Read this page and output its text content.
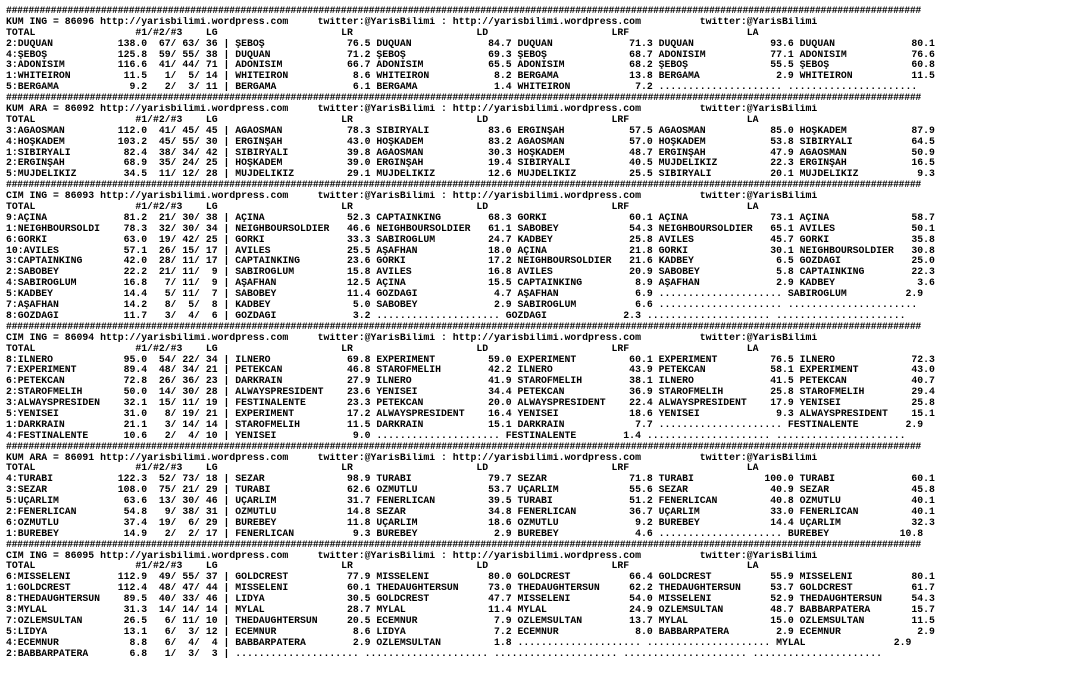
####################################################################################################################################################################
KUM ING = 86096 http://yarisbilimi.wordpress.com     twitter:@YarisBilimi : http://yarisbilimi.wordpress.com          twitter:@YarisBilimi
TOTAL                 #1/#2/#3    LG                     LR                     LD                     LRF                    LA
2:DUQUAN           138.0  67/ 63/ 36 | ŞEBOŞ              76.5 DUQUAN             84.7 DUQUAN             71.3 DUQUAN             93.6 DUQUAN             80.1
4:ŞEBOŞ            125.8  59/ 55/ 38 | DUQUAN             71.2 ŞEBOŞ              69.3 ŞEBOŞ              68.7 ADONİSİM           77.1 ADONİSİM           76.6
3:ADONİSİM         116.6  41/ 44/ 71 | ADONİSİM           66.7 ADONİSİM           65.5 ADONİSİM           68.2 ŞEBOŞ              55.5 ŞEBOŞ              60.8
1:WHITEIRON         11.5   1/  5/ 14 | WHITEIRON           8.6 WHITEIRON           8.2 BERGAMA            13.8 BERGAMA             2.9 WHITEIRON          11.5
5:BERGAMA            9.2   2/  3/ 11 | BERGAMA             6.1 BERGAMA             1.4 WHITEIRON           7.2 ..................... ......................
####################################################################################################################################################################
KUM ARA = 86092 http://yarisbilimi.wordpress.com     twitter:@YarisBilimi : http://yarisbilimi.wordpress.com          twitter:@YarisBilimi
TOTAL                 #1/#2/#3    LG                     LR                     LD                     LRF                    LA
3:AĞAOSMAN         112.0  41/ 45/ 45 | AĞAOSMAN           78.3 SİBİRYALI          83.6 ERGİNŞAH           57.5 AĞAOSMAN           85.0 HOŞKADEM           87.9
4:HOŞKADEM         103.2  45/ 55/ 30 | ERGİNŞAH           43.0 HOŞKADEM           83.2 AĞAOSMAN           57.0 HOŞKADEM           53.8 SİBİRYALI          64.5
1:SİBİRYALI         82.4  38/ 34/ 42 | SİBİRYALI          39.8 AĞAOSMAN           30.3 HOŞKADEM           48.7 ERGİNŞAH           47.9 AĞAOSMAN           50.9
2:ERGİNŞAH          68.9  35/ 24/ 25 | HOŞKADEM           39.0 ERGİNŞAH           19.4 SİBİRYALI          40.5 MÜJDELİKIZ         22.3 ERGİNŞAH           16.5
5:MÜJDELİKIZ        34.5  11/ 12/ 28 | MÜJDELİKIZ         29.1 MÜJDELİKIZ         12.6 MÜJDELİKIZ         25.5 SİBİRYALI          20.1 MÜJDELİKIZ          9.3
####################################################################################################################################################################
CIM ING = 86093 http://yarisbilimi.wordpress.com     twitter:@YarisBilimi : http://yarisbilimi.wordpress.com          twitter:@YarisBilimi
TOTAL                 #1/#2/#3    LG                     LR                     LD                     LRF                    LA
9:AÇINA             81.2  21/ 30/ 38 | AÇINA              52.3 CAPTAINKING        68.3 GÖRKİ              60.1 AÇINA              73.1 AÇINA              58.7
1:NEIGHBOURSOLDI    78.3  32/ 30/ 34 | NEIGHBOURSOLDIER   46.6 NEIGHBOURSOLDIER   61.1 SABOBEY            54.3 NEIGHBOURSOLDIER   65.1 AVILES             50.1
6:GÖRKİ             63.0  19/ 42/ 25 | GÖRKİ              33.3 SABIROĞLUM         24.7 KADBEY             25.8 AVILES             45.7 GÖRKİ              35.8
10:AVILES           57.1  26/ 15/ 17 | AVILES             25.5 AŞAFHAN            18.0 AÇINA              21.8 GÖRKİ              30.1 NEIGHBOURSOLDIER   30.8
3:CAPTAINKING       42.0  28/ 11/ 17 | CAPTAINKING        23.6 GÖRKİ              17.2 NEIGHBOURSOLDIER   21.6 KADBEY              6.5 GÖZDAĞI            25.0
2:SABOBEY           22.2  21/ 11/  9 | SABIROĞLUM         15.8 AVILES             16.8 AVILES             20.9 SABOBEY             5.8 CAPTAINKING        22.3
4:SABIROĞLUM        16.8   7/ 11/  9 | AŞAFHAN            12.5 AÇINA              15.5 CAPTAINKING         8.9 AŞAFHAN             2.9 KADBEY              3.6
5:KADBEY            14.4   5/ 11/  7 | SABOBEY            11.4 GÖZDAĞI             4.7 AŞAFHAN             6.9 ..................... SABIROĞLUM          2.9
7:AŞAFHAN           14.2   8/  5/  8 | KADBEY              5.0 SABOBEY             2.9 SABIROĞLUM          6.6 ..................... ......................
8:GÖZDAĞI           11.7   3/  4/  6 | GÖZDAĞI             3.2 ..................... GÖZDAĞI             2.3 ..................... ......................
####################################################################################################################################################################
CIM ING = 86094 http://yarisbilimi.wordpress.com     twitter:@YarisBilimi : http://yarisbilimi.wordpress.com          twitter:@YarisBilimi
TOTAL                 #1/#2/#3    LG                     LR                     LD                     LRF                    LA
8:ILNERO            95.0  54/ 22/ 34 | ILNERO             69.8 EXPERIMENT         59.0 EXPERIMENT         60.1 EXPERIMENT         76.5 ILNERO             72.3
7:EXPERIMENT        89.4  48/ 34/ 21 | PETEKCAN           46.8 STAROFMELİH        42.2 ILNERO             43.9 PETEKCAN           58.1 EXPERIMENT         43.0
6:PETEKCAN          72.8  26/ 36/ 23 | DARKRAIN           27.9 ILNERO             41.9 STAROFMELİH        38.1 ILNERO             41.5 PETEKCAN           40.7
2:STAROFMELİH       50.0  14/ 30/ 28 | ALWAYSPRESIDENT    23.6 YENİSEİ            34.4 PETEKCAN           36.9 STAROFMELİH        25.8 STAROFMELİH        29.4
3:ALWAYSPRESIDEN    32.1  15/ 11/ 19 | FESTINALENTE       23.3 PETEKCAN           20.0 ALWAYSPRESIDENT    22.4 ALWAYSPRESIDENT    17.9 YENİSEİ            25.8
5:YENİSEİ           31.0   8/ 19/ 21 | EXPERIMENT         17.2 ALWAYSPRESIDENT    16.4 YENİSEİ            18.6 YENİSEİ             9.3 ALWAYSPRESIDENT    15.1
1:DARKRAIN          21.1   3/ 14/ 14 | STAROFMELİH        11.5 DARKRAIN           15.1 DARKRAIN            7.7 ..................... FESTINALENTE        2.9
4:FESTINALENTE      10.6   2/  4/ 10 | YENİSEİ             9.0 ..................... FESTINALENTE        1.4 ..................... ......................
####################################################################################################################################################################
KUM ARA = 86091 http://yarisbilimi.wordpress.com     twitter:@YarisBilimi : http://yarisbilimi.wordpress.com          twitter:@YarisBilimi
TOTAL                 #1/#2/#3    LG                     LR                     LD                     LRF                    LA
4:TURABİ           122.3  52/ 73/ 18 | SEZAR              98.9 TURABİ             79.7 SEZAR              71.8 TURABİ            100.0 TURABİ             60.1
3:SEZAR            108.0  75/ 21/ 29 | TURABİ             62.6 ÖZMUTLU            53.7 UÇARLIM            55.6 SEZAR              40.9 SEZAR              45.8
5:UÇARLIM           63.6  13/ 30/ 46 | UÇARLIM            31.7 FENERLİCAN         39.5 TURABİ             51.2 FENERLİCAN         40.8 ÖZMUTLU            40.1
2:FENERLİCAN        54.8   9/ 38/ 31 | ÖZMUTLU            14.8 SEZAR              34.8 FENERLİCAN         36.7 UÇARLIM            33.0 FENERLİCAN         40.1
6:ÖZMUTLU           37.4  19/  6/ 29 | BÜREBEY            11.8 UÇARLIM            18.6 ÖZMUTLU             9.2 BÜREBEY            14.4 UÇARLIM            32.3
1:BÜREBEY           14.9   2/  2/ 17 | FENERLİCAN          9.3 BÜREBEY             2.9 BÜREBEY             4.6 ..................... BÜREBEY            10.8
####################################################################################################################################################################
CIM ING = 86095 http://yarisbilimi.wordpress.com     twitter:@YarisBilimi : http://yarisbilimi.wordpress.com          twitter:@YarisBilimi
TOTAL                 #1/#2/#3    LG                     LR                     LD                     LRF                    LA
6:MISSELENI        112.9  49/ 55/ 37 | GOLDCREST          77.9 MISSELENI          80.0 GOLDCREST          66.4 GOLDCREST          55.9 MISSELENI          80.1
1:GOLDCREST        112.4  48/ 47/ 44 | MISSELENI          60.1 THEDAUGHTERSUN     73.0 THEDAUGHTERSUN     62.2 THEDAUGHTERSUN     53.7 GOLDCREST          61.7
8:THEDAUGHTERSUN    89.5  40/ 33/ 46 | LİDYA              30.5 GOLDCREST          47.7 MISSELENI          54.0 MISSELENI          52.9 THEDAUGHTERSUN     54.3
3:MYLAL             31.3  14/ 14/ 14 | MYLAL              28.7 MYLAL              11.4 MYLAL              24.9 ÖZLEMSULTAN        48.7 BABBARPATERA       15.7
7:ÖZLEMSULTAN       26.5   6/ 11/ 10 | THEDAUGHTERSUN     20.5 ECEMNUR             7.9 ÖZLEMSULTAN        13.7 MYLAL              15.0 ÖZLEMSULTAN        11.5
5:LİDYA             13.1   6/  3/ 12 | ECEMNUR             8.6 LİDYA               7.2 ECEMNUR             8.0 BABBARPATERA        2.9 ECEMNUR             2.9
4:ECEMNUR            8.8   6/  4/  4 | BABBARPATERA        2.9 ÖZLEMSULTAN         1.8 ..................... ..................... MYLAL               2.9
2:BABBARPATERA       6.8   1/  3/  3 | ..................... ..................... ..................... ..................... ......................
